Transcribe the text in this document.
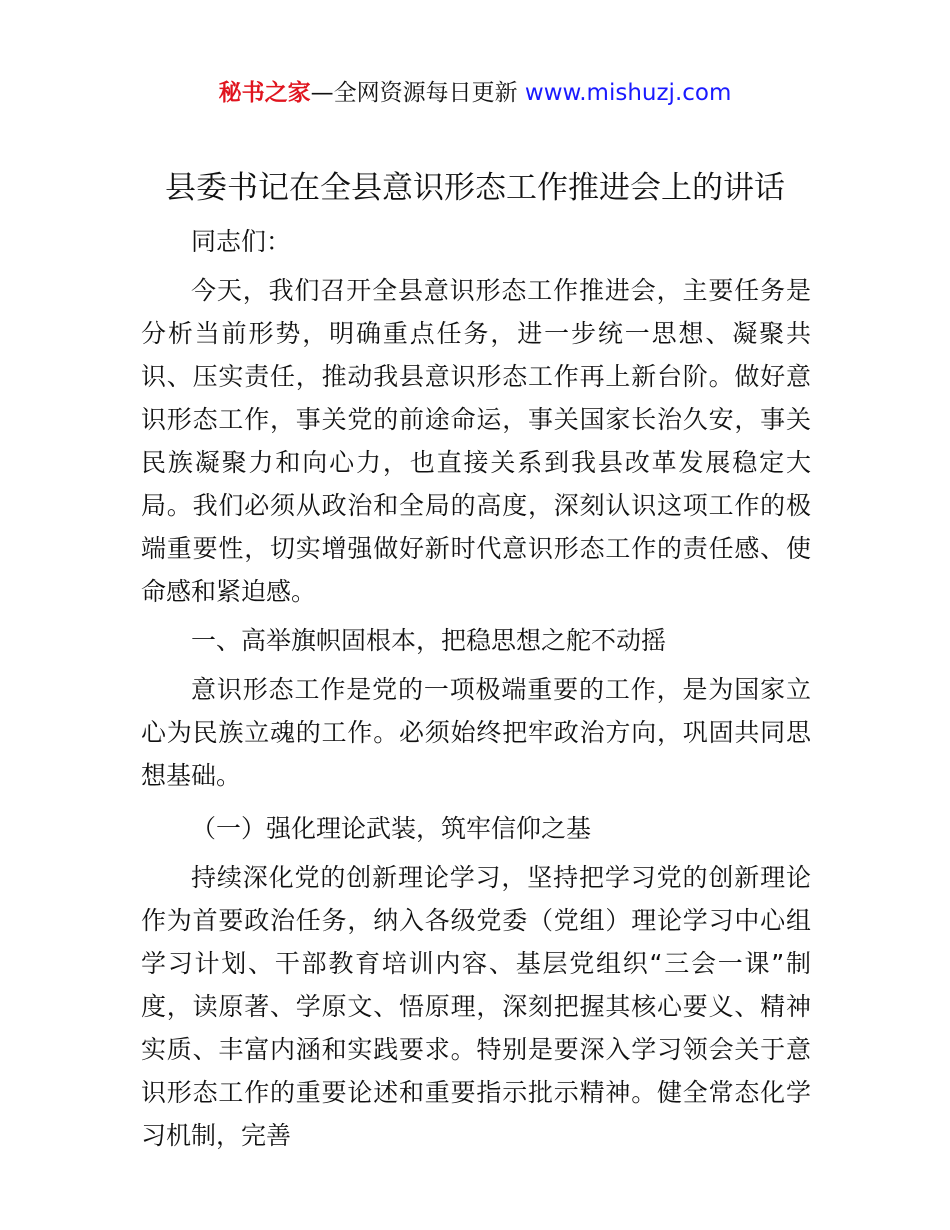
秘书之家—全网资源每日更新 www.mishuzj.com
县委书记在全县意识形态工作推进会上的讲话

同志们：

今天，我们召开全县意识形态工作推进会，主要任务是分析当前形势，明确重点任务，进一步统一思想、凝聚共识、压实责任，推动我县意识形态工作再上新台阶。做好意识形态工作，事关党的前途命运，事关国家长治久安，事关民族凝聚力和向心力，也直接关系到我县改革发展稳定大局。我们必须从政治和全局的高度，深刻认识这项工作的极端重要性，切实增强做好新时代意识形态工作的责任感、使命感和紧迫感。

一、高举旗帜固根本，把稳思想之舵不动摇

意识形态工作是党的一项极端重要的工作，是为国家立心为民族立魂的工作。必须始终把牢政治方向，巩固共同思想基础。

（一）强化理论武装，筑牢信仰之基

持续深化党的创新理论学习，坚持把学习党的创新理论作为首要政治任务，纳入各级党委（党组）理论学习中心组学习计划、干部教育培训内容、基层党组织“三会一课”制度，读原著、学原文、悟原理，深刻把握其核心要义、精神实质、丰富内涵和实践要求。特别是要深入学习领会关于意识形态工作的重要论述和重要指示批示精神。健全常态化学习机制，完善
